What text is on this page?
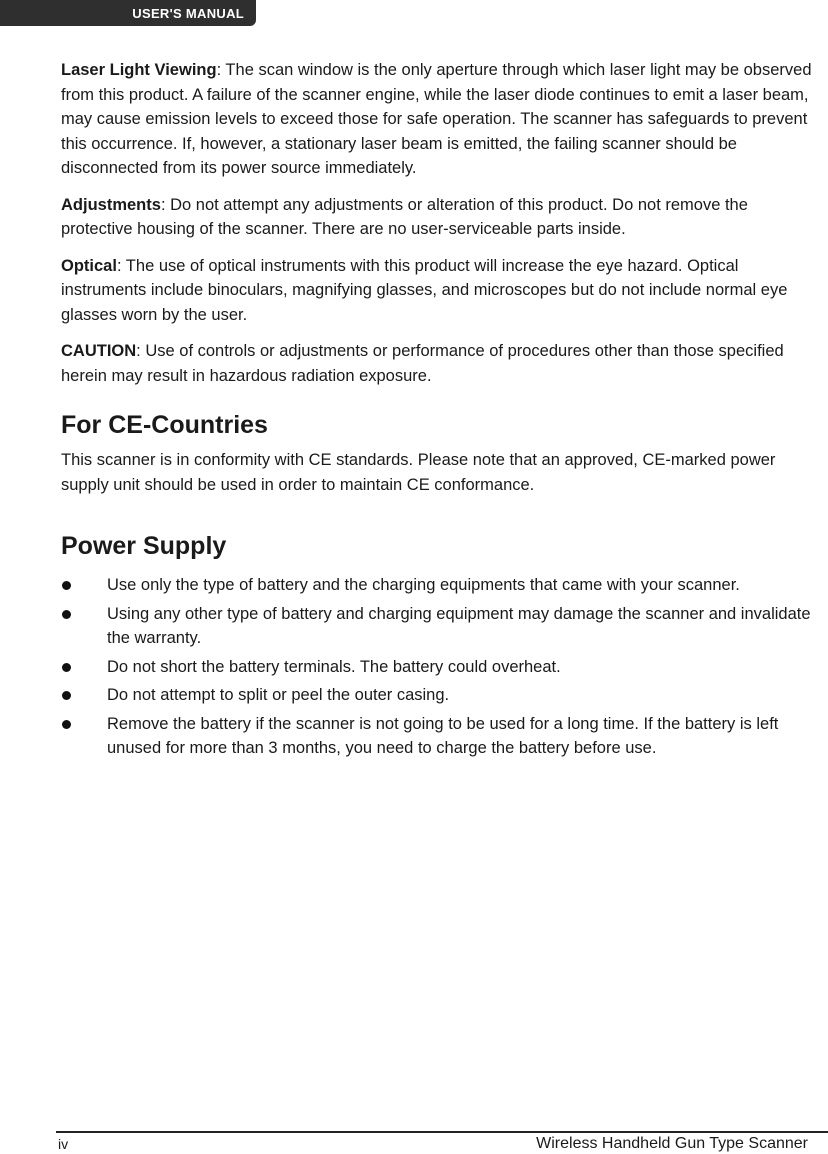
USER'S MANUAL

Laser Light Viewing: The scan window is the only aperture through which laser light may be observed from this product. A failure of the scanner engine, while the laser diode continues to emit a laser beam, may cause emission levels to exceed those for safe operation. The scanner has safeguards to prevent this occurrence. If, however, a stationary laser beam is emitted, the failing scanner should be disconnected from its power source immediately.

Adjustments: Do not attempt any adjustments or alteration of this product. Do not remove the protective housing of the scanner. There are no user-serviceable parts inside.

Optical: The use of optical instruments with this product will increase the eye hazard. Optical instruments include binoculars, magnifying glasses, and microscopes but do not include normal eye glasses worn by the user.

CAUTION: Use of controls or adjustments or performance of procedures other than those specified herein may result in hazardous radiation exposure.

For CE-Countries

This scanner is in conformity with CE standards. Please note that an approved, CE-marked power supply unit should be used in order to maintain CE conformance.

Power Supply
Use only the type of battery and the charging equipments that came with your scanner.
Using any other type of battery and charging equipment may damage the scanner and invalidate the warranty.
Do not short the battery terminals. The battery could overheat.
Do not attempt to split or peel the outer casing.
Remove the battery if the scanner is not going to be used for a long time. If the battery is left unused for more than 3 months, you need to charge the battery before use.
iv	Wireless Handheld Gun Type Scanner
